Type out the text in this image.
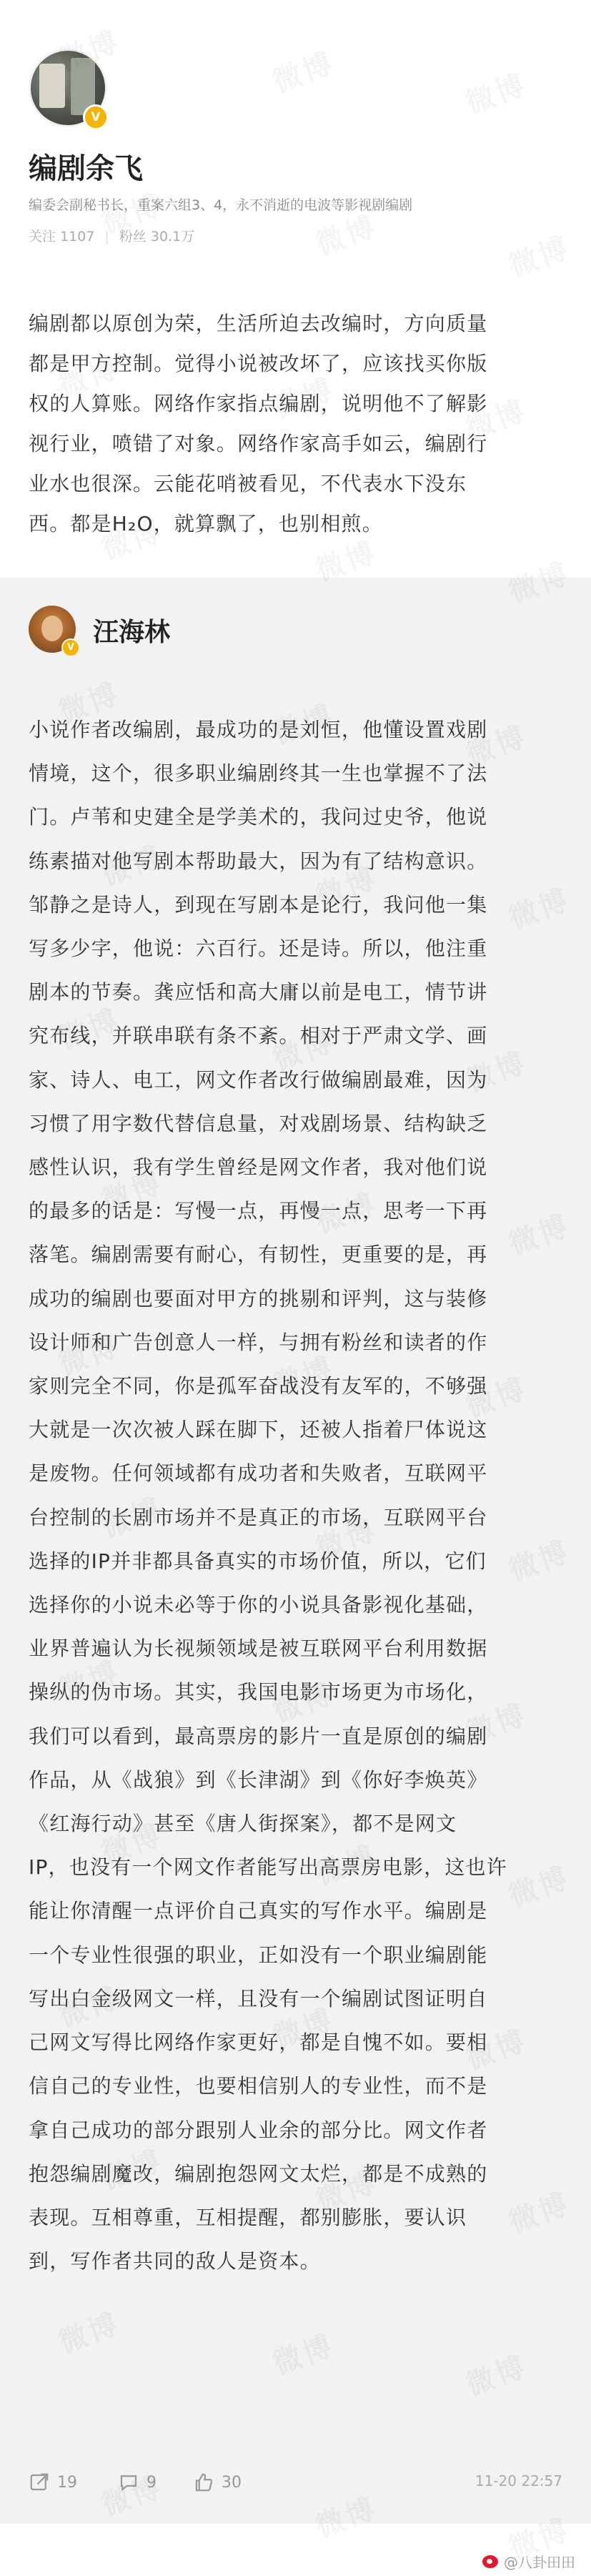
V
编剧余飞
编委会副秘书长，重案六组3、4，永不消逝的电波等影视剧编剧
关注 1107 | 粉丝 30.1万

编剧都以原创为荣，生活所迫去改编时，方向质量

都是甲方控制。觉得小说被改坏了，应该找买你版

权的人算账。网络作家指点编剧，说明他不了解影

视行业，喷错了对象。网络作家高手如云，编剧行

业水也很深。云能花哨被看见，不代表水下没东

西。都是H₂O，就算飘了，也别相煎。

V
汪海林

小说作者改编剧，最成功的是刘恒，他懂设置戏剧

情境，这个，很多职业编剧终其一生也掌握不了法

门。卢苇和史建全是学美术的，我问过史爷，他说

练素描对他写剧本帮助最大，因为有了结构意识。

邹静之是诗人，到现在写剧本是论行，我问他一集

写多少字，他说：六百行。还是诗。所以，他注重

剧本的节奏。龚应恬和高大庸以前是电工，情节讲

究布线，并联串联有条不紊。相对于严肃文学、画

家、诗人、电工，网文作者改行做编剧最难，因为

习惯了用字数代替信息量，对戏剧场景、结构缺乏

感性认识，我有学生曾经是网文作者，我对他们说

的最多的话是：写慢一点，再慢一点，思考一下再

落笔。编剧需要有耐心，有韧性，更重要的是，再

成功的编剧也要面对甲方的挑剔和评判，这与装修

设计师和广告创意人一样，与拥有粉丝和读者的作

家则完全不同，你是孤军奋战没有友军的，不够强

大就是一次次被人踩在脚下，还被人指着尸体说这

是废物。任何领域都有成功者和失败者，互联网平

台控制的长剧市场并不是真正的市场，互联网平台

选择的IP并非都具备真实的市场价值，所以，它们

选择你的小说未必等于你的小说具备影视化基础，

业界普遍认为长视频领域是被互联网平台利用数据

操纵的伪市场。其实，我国电影市场更为市场化，

我们可以看到，最高票房的影片一直是原创的编剧

作品，从《战狼》到《长津湖》到《你好李焕英》

《红海行动》甚至《唐人街探案》，都不是网文

IP，也没有一个网文作者能写出高票房电影，这也许

能让你清醒一点评价自己真实的写作水平。编剧是

一个专业性很强的职业，正如没有一个职业编剧能

写出白金级网文一样，且没有一个编剧试图证明自

己网文写得比网络作家更好，都是自愧不如。要相

信自己的专业性，也要相信别人的专业性，而不是

拿自己成功的部分跟别人业余的部分比。网文作者

抱怨编剧魔改，编剧抱怨网文太烂，都是不成熟的

表现。互相尊重，互相提醒，都别膨胀，要认识

到，写作者共同的敌人是资本。

19	9	30	11-20 22:57
@八卦田田
